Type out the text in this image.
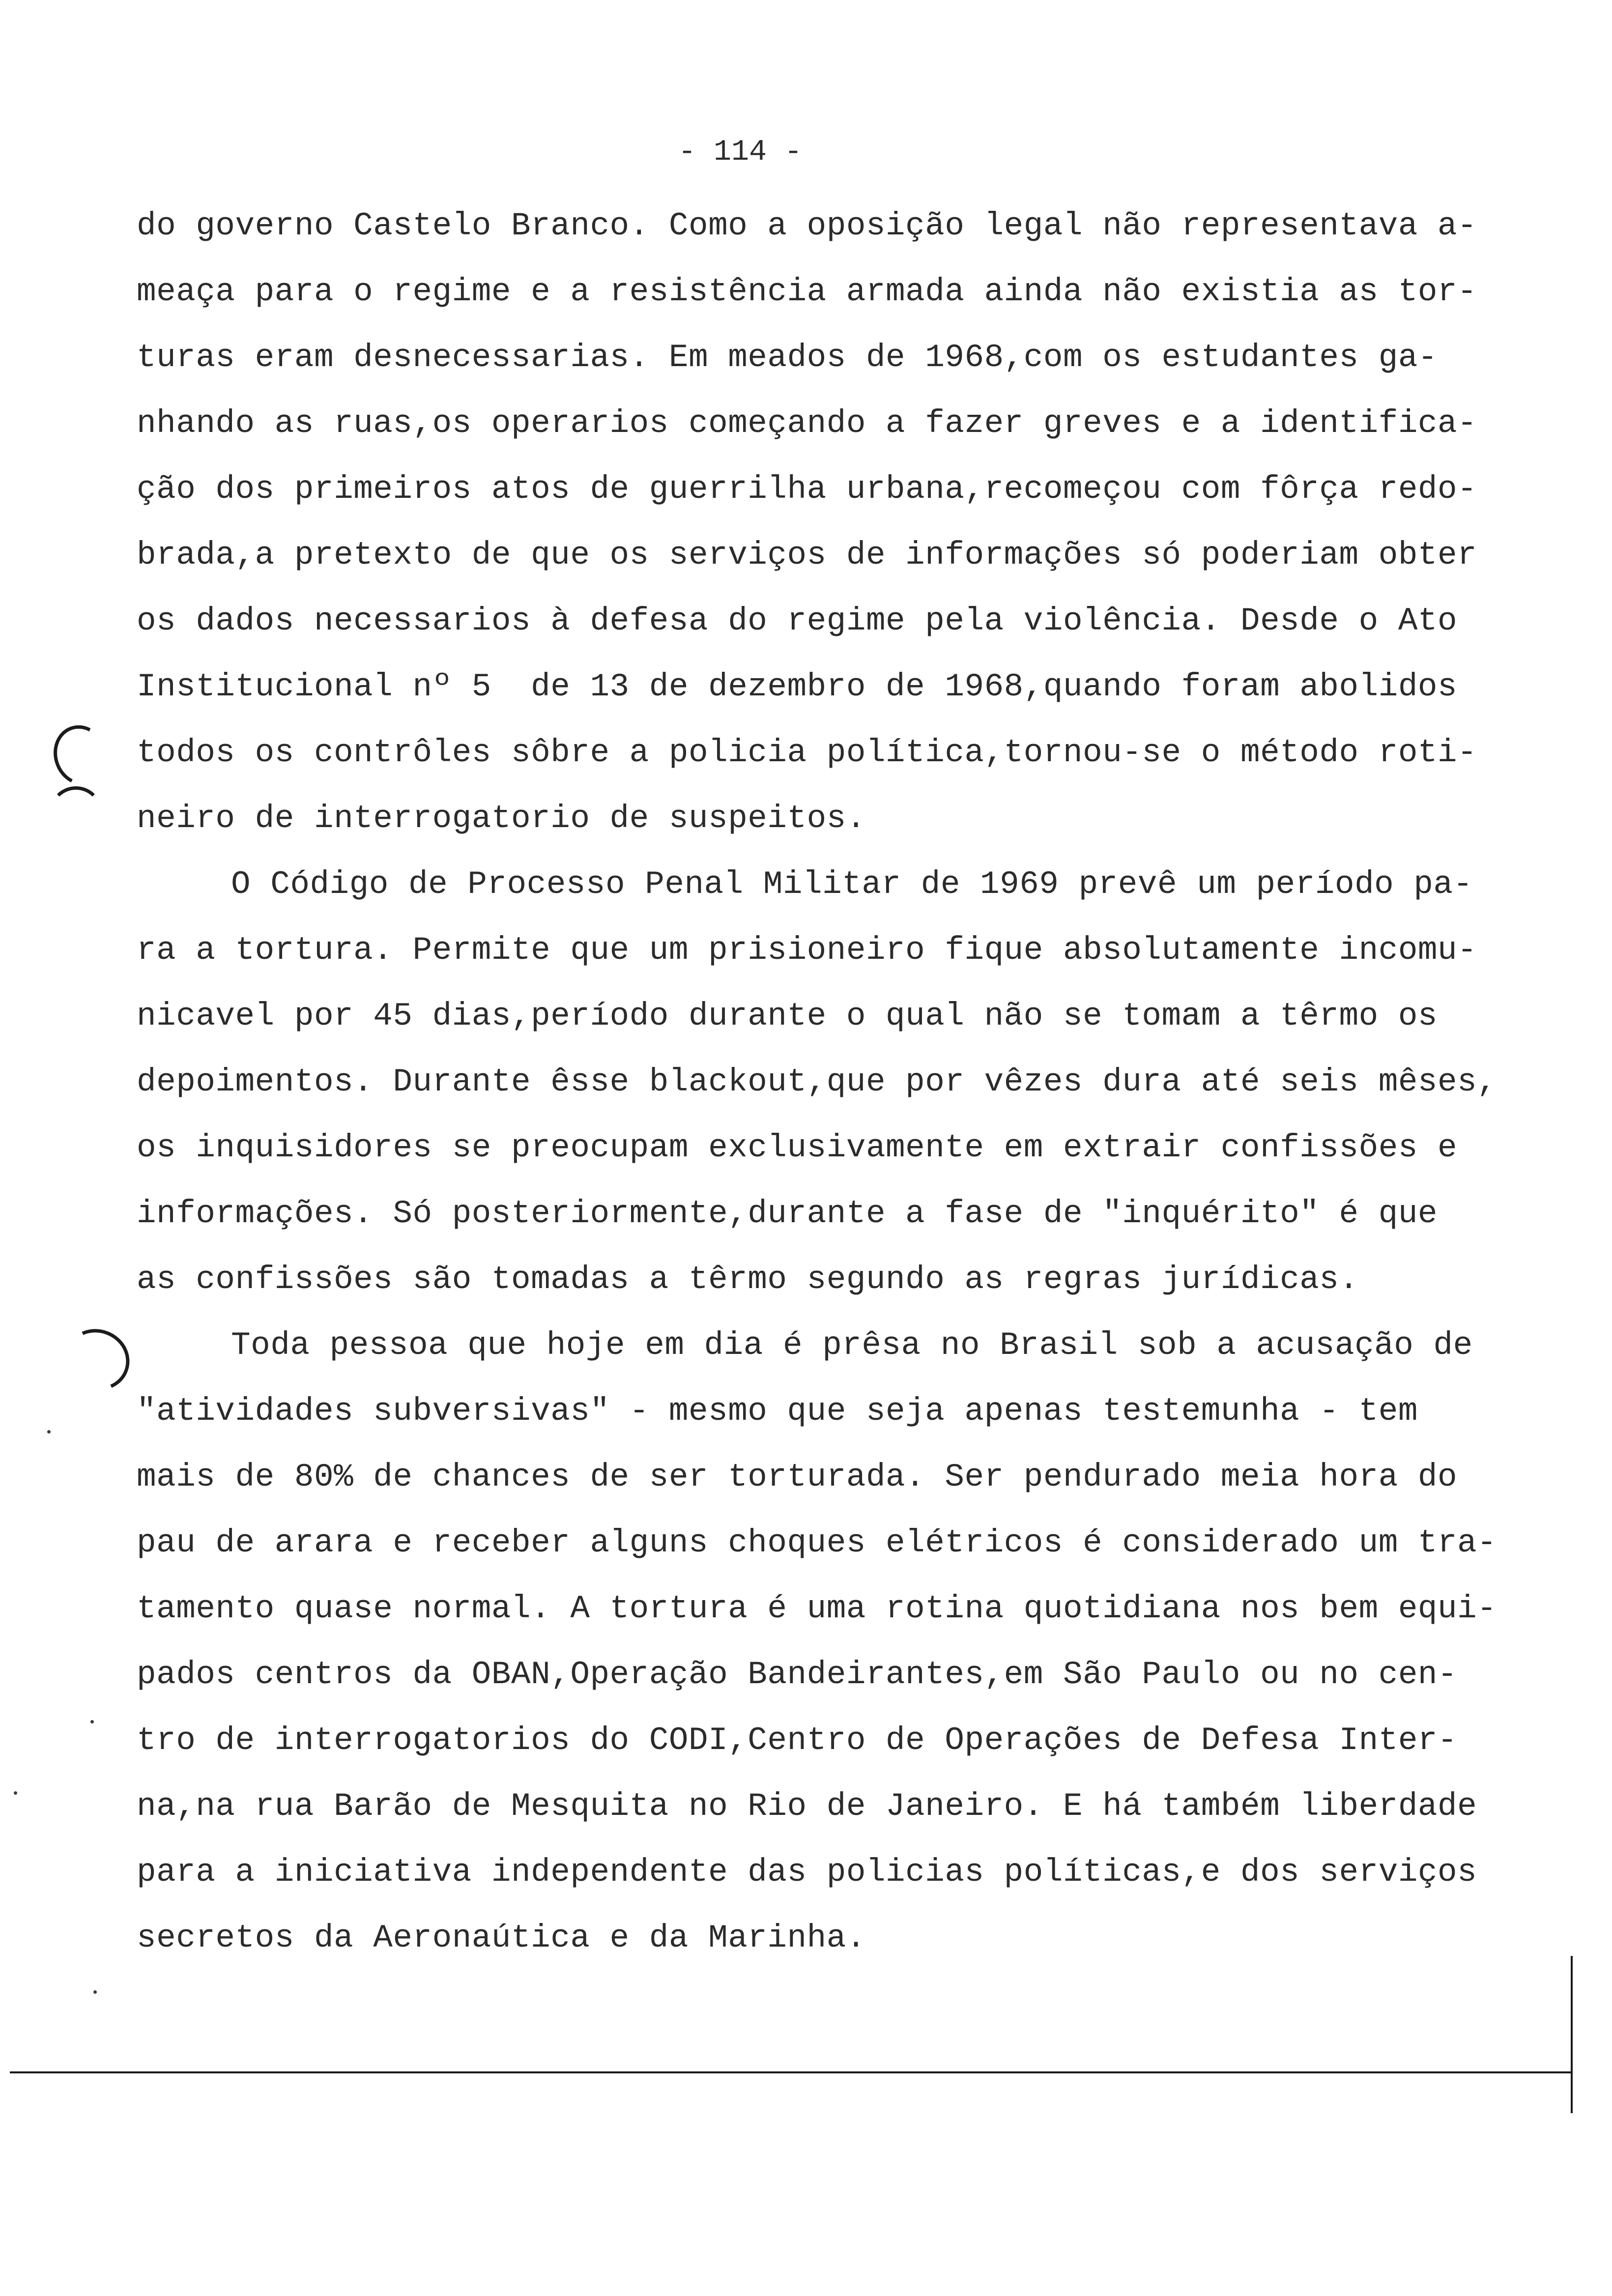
- 114 -
do governo Castelo Branco. Como a oposição legal não representava a-
meaça para o regime e a resistência armada ainda não existia as tor-
turas eram desnecessarias. Em meados de 1968,com os estudantes ga-
nhando as ruas,os operarios começando a fazer greves e a identifica-
ção dos primeiros atos de guerrilha urbana,recomeçou com fôrça redo-
brada,a pretexto de que os serviços de informações só poderiam obter
os dados necessarios à defesa do regime pela violência. Desde o Ato
Institucional nº 5  de 13 de dezembro de 1968,quando foram abolidos
todos os contrôles sôbre a policia política,tornou-se o método roti-
neiro de interrogatorio de suspeitos.
O Código de Processo Penal Militar de 1969 prevê um período pa-
ra a tortura. Permite que um prisioneiro fique absolutamente incomu-
nicavel por 45 dias,período durante o qual não se tomam a têrmo os
depoimentos. Durante êsse blackout,que por vêzes dura até seis mêses,
os inquisidores se preocupam exclusivamente em extrair confissões e
informações. Só posteriormente,durante a fase de "inquérito" é que
as confissões são tomadas a têrmo segundo as regras jurídicas.
Toda pessoa que hoje em dia é prêsa no Brasil sob a acusação de
"atividades subversivas" - mesmo que seja apenas testemunha - tem
mais de 80% de chances de ser torturada. Ser pendurado meia hora do
pau de arara e receber alguns choques elétricos é considerado um tra-
tamento quase normal. A tortura é uma rotina quotidiana nos bem equi-
pados centros da OBAN,Operação Bandeirantes,em São Paulo ou no cen-
tro de interrogatorios do CODI,Centro de Operações de Defesa Inter-
na,na rua Barão de Mesquita no Rio de Janeiro. E há também liberdade
para a iniciativa independente das policias políticas,e dos serviços
secretos da Aeronaútica e da Marinha.
